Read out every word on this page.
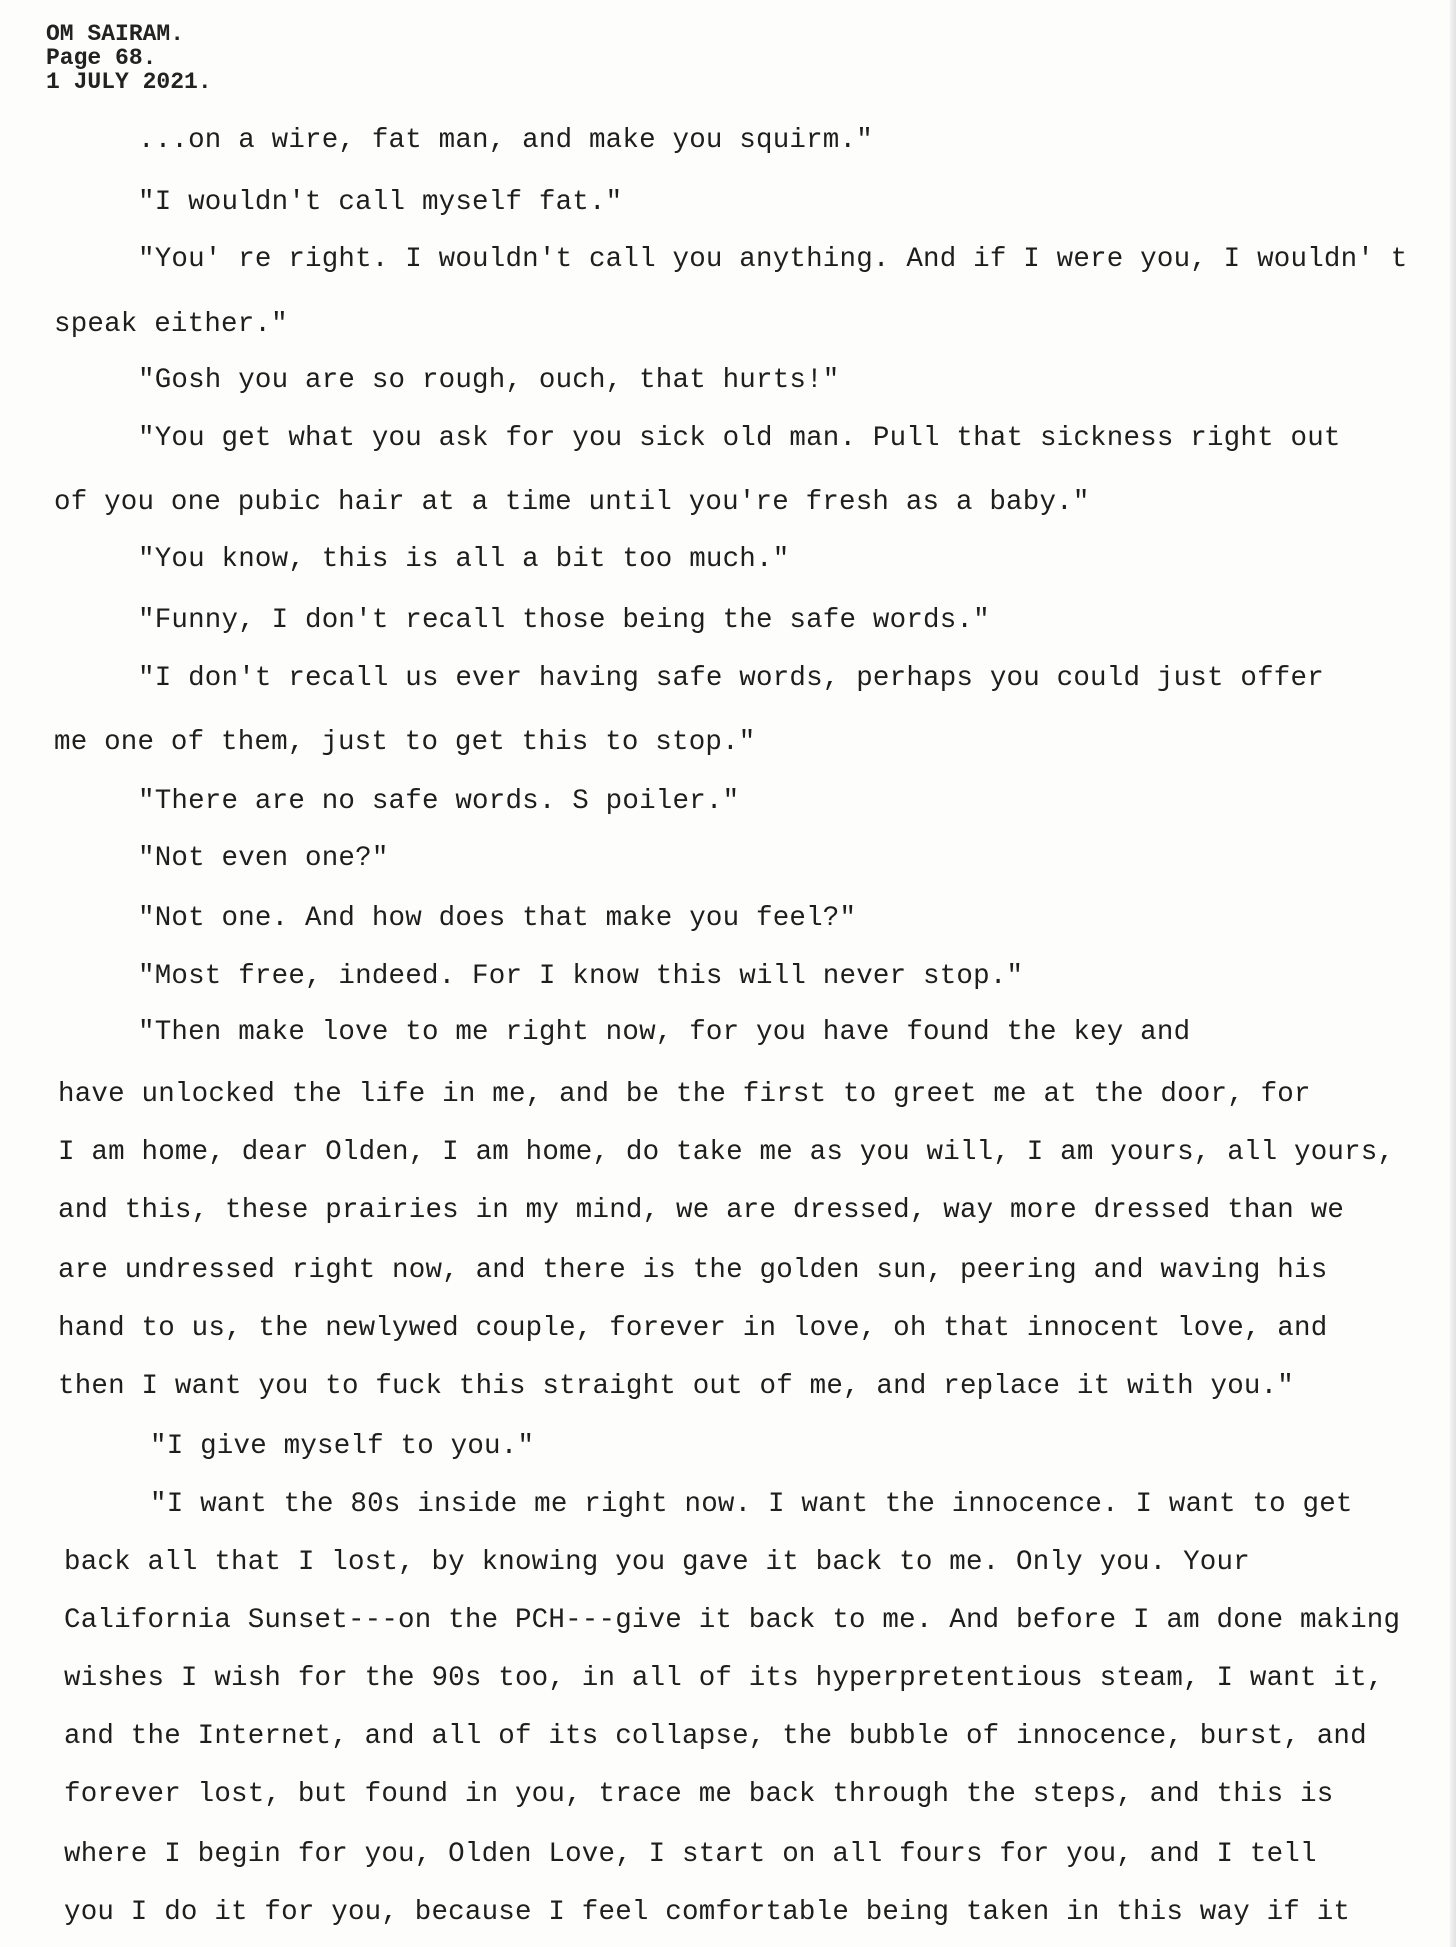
OM SAIRAM.
Page 68.
1 JULY 2021.
...on a wire, fat man, and make you squirm."
"I wouldn't call myself fat."
"You' re right. I wouldn't call you anything. And if I were you, I wouldn' t
speak either."
"Gosh you are so rough, ouch, that hurts!"
"You get what you ask for you sick old man. Pull that sickness right out
of you one pubic hair at a time until you're fresh as a baby."
"You know, this is all a bit too much."
"Funny, I don't recall those being the safe words."
"I don't recall us ever having safe words, perhaps you could just offer
me one of them, just to get this to stop."
"There are no safe words. S poiler."
"Not even one?"
"Not one. And how does that make you feel?"
"Most free, indeed. For I know this will never stop."
"Then make love to me right now, for you have found the key and
have unlocked the life in me, and be the first to greet me at the door, for
I am home, dear Olden, I am home, do take me as you will, I am yours, all yours,
and this, these prairies in my mind, we are dressed, way more dressed than we
are undressed right now, and there is the golden sun, peering and waving his
hand to us, the newlywed couple, forever in love, oh that innocent love, and
then I want you to fuck this straight out of me, and replace it with you."
"I give myself to you."
"I want the 80s inside me right now. I want the innocence. I want to get
back all that I lost, by knowing you gave it back to me. Only you. Your
California Sunset---on the PCH---give it back to me. And before I am done making
wishes I wish for the 90s too, in all of its hyperpretentious steam, I want it,
and the Internet, and all of its collapse, the bubble of innocence, burst, and
forever lost, but found in you, trace me back through the steps, and this is
where I begin for you, Olden Love, I start on all fours for you, and I tell
you I do it for you, because I feel comfortable being taken in this way if it
